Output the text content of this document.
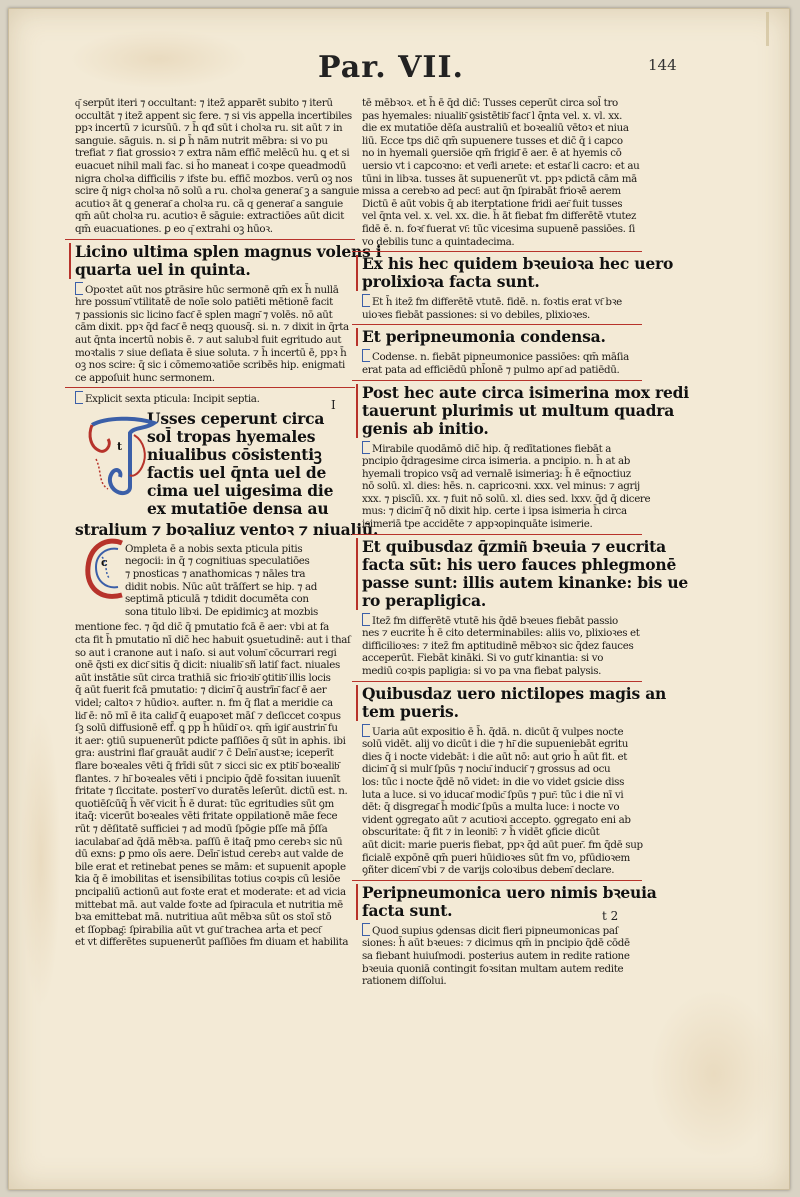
Par. VII.	144
q͂ serpūt iteri ⁊ occultant: ⁊ itez̄ apparēt subito ⁊ iterū
occultāt ⁊ itez̄ appent sic fere. ⁊ si vis appella incertibiles
ppꝛ incertū ⁊ icursūū. ⁊ h̄ qđ sūt i cholꝛa ru. sit aūt ⁊ in
sanguie. sāguis. n. si ꝑ h̄ nām nutrit mēbra: si vo pu
trefiat ⁊ fiat grossioꝛ ⁊ extra nām effic̄ melēcū hu. ꝗ et si
euacuet nihil mali fac. si h̄o maneat i coꝛpe queadmodū
nigra cholꝛa difficilis ⁊ ifste bu. effic̄ mozbos. verū oꝫ nos
scire q̄ nigꝛ cholꝛa nō solū a ru. cholꝛa generat͂ ꝫ a sanguie
acutioꝛ āt ꝗ generat͂ a cholꝛa ru. cā q generat͂ a sanguie
qm̄ aūt cholꝛa ru. acutioꝛ ē sāguie: extractiōes aūt dicit
qm̄ euacuationes. ꝑ eo q͂ extrahi oꝫ hūoꝛ.
Licino ultima splen magnus volens i
quarta uel in quinta.
Opoꝛtet aūt nos ꝑtrāsire hūc sermonē qm̄ ex h̄ nullā
hre possum͂ vtilitatē de noīe solo patiēti mētionē facit
⁊ passionis sic licino fact͂ ē splen magn͂ ⁊ volēs. nō aūt
cām dixit. ppꝛ q̄d fact͂ ē neqꝫ quousq̄. si. n. ⁊ dixit in q̄rta
aut q̄nta incertū nobis ē. ⁊ aut salubꝛl fuit egritudo aut
moꝛtalis ⁊ siue deſiata ē siue soluta. ⁊ h̄ incertū ē, ppꝛ h̄
oꝫ nos scire: q̄ sic i cōmemoꝛatiōe scribēs hip. enigmati
ce appoſuit hunc sermonem.
Explicit sexta pticula: Incipit septia.
Usses ceperunt circa
sol̄ tropas hyemales
niualibus cōsistentiꝫ
factis uel q̄nta uel de
cima uel uigesima die
ex mutatiōe densa au
stralium ⁊ boꝛaliuz ventoꝛ ⁊ niualiū.
Ompleta ē a nobis sexta pticula pitis
negocii: in q̄ ⁊ cognitiuas speculatiōes
⁊ pnosticas ⁊ anathomicas ⁊ nāles tra
didit nobis. Nūc aūt trāſfert se hip. ⁊ ad
septimā pticulā ⁊ tdidit documēta con
sona titulo libꝛi. De epidimicꝫ at mozbis
mentione fec. ⁊ q̄d dic̄ q̄ pmutatio fcā ē aer: vbi at fa
cta fit h̄ pmutatio nī dic̄ hec habuit ꝯsuetudinē: aut i thaſ
so aut i cranone aut i naſo. si aut volum͂ cōcurrari regi
onē q̄sti ex dict͂ sitis q̄ dicit: niualib͂ sñ latiſ fact. niuales
aūt instātie sūt circa trathiā sic frioꝛib͂ ꝯtitib͂ illis locis
q̄ aūt fuerit fcā pmutatio: ⁊ dicim͂ q̄ austrīn͂ fact͂ ē aer
videl; caltoꝛ ⁊ hūdioꝛ. aufter. n. fm q̄ flat a meridie ca
lid͂ ē: nō mī ē ita calid͂ q̄ euapoꝛet māſ ⁊ deſiccet coꝛpus
ſꝫ solū diffusionē eff̄. ꝗ pp h̄ hūidi͂ oꝛ. qm̄ igit͂ austrin͂ fu
it aer: ꝯtiū supuenerūt pdicte paſſiōes q̄ sūt in aphis. ibi
gra: austrini flat͂ grauāt audit͂ ⁊ c̄ Deīn͂ austꝛe; iceperīt
flare boꝛeales vēti q̄ frīdi sūt ⁊ sicci sic ex ptib͂ boꝛealib͂
flantes. ⁊ hi͂ boꝛeales vēti i pncipio q̄dē foꝛsitan iuuenīt
fritate ⁊ ſiccitate. posteri͂ vo duratēs leſerūt. dictū est. n.
quotiēſcūq̄ h̄ vēt͂ vicit h̄ ē durat: tūc egritudies sūt ꝯm
itaq̄: vicerūt boꝛeales vēti fritate oppilationē māe fece
rūt ⁊ dēſitatē sufficiei ⁊ ad modū ſpōgie pſſe mā p̄ſſa
iaculabat͂ ad q̄dā mēbꝛa. paſſū ē itaq̄ pmo cerebꝛ sic nū
dū exns: ꝑ pmo oīs aere. Deīn͂ istud cerebꝛ aut valde de
bile erat et retinebat penes se mām: et supuenit apople
ꝁia q̄ ē imobilitas et isensibilitas totius coꝛpis cū lesiōe
pncipaliū actionū aut foꝛte erat et moderate: et ad vicia
mittebat mā. aut valde foꝛte ad ſpiracula et nutritia mē
bꝛa emittebat mā. nutritiua aūt mēbꝛa sūt os stoī stō
et ſſopbag͂: ſpirabilia aūt vt gut͂ trachea arṫa et pect͂
et vt differētes supuenerūt paſſiōes fm diuam et habilita
t
c
I
tē mēbꝛoꝛ. et h̄ ē q̄d dic̄: Tusses ceperūt circa sol̄ tro
pas hyemales: niualib͂ ꝯsistētib͂ fact͂ l q̄nta vel. x. vl. xx.
die ex mutatiōe dēſa australiū et boꝛealiū vētoꝛ et niua
liū. Ecce tps dic̄ qm̄ supuenere tusses et dic̄ q̄ i capco
no in hyemali ꝯuersiōe qm̄ frigid͂ ē aer. ē at hyemis cō
uersio vt i capcoꝛno: et ver͂li arıete: et estat͂ li cacro: et au
tūni in libꝛa. tusses āt supuenerūt vt. ppꝛ pdictā cām mā
missa a cerebꝛo ad pect͂: aut q̄n ſpirabāt frioꝛē aerem
Dictū ē aūt vobis q̄ ab iterptatione fridi aer͂ fuit tusses
vel q̄nta vel. x. vel. xx. die. h̄ āt fiebat fm differētē vtutez
fidē ē. n. foꝛt͂ fuerat vt͂: tūc vicesima supuenē passiōes. ſi
vo debilis tunc a quintadecima.
Ex his hec quidem bꝛeuioꝛa hec uero
prolixioꝛa facta sunt.
Et h̄ itez̄ fm differētē vtutē. fidē. n. foꝛtis erat vt͂ bꝛe
uioꝛes fiebāt passiones: si vo debiles, plixioꝛes.
Et peripneumonia condensa.
Codense. n. fiebāt pipneumonice passiōes: qm̄ māſia
erat pata ad efficiēdū phl̄onē ⁊ pulmo apt͂ ad patiēdū.
Post hec aute circa isimerina mox redi
tauerunt plurimis ut multum quadra
genis ab initio.
Mirabile quodāmō dic̄ hip. q̄ redītationes fiebāt a
pncipio q̄dragesime circa isimeria. a pncipio. n. h̄ at ab
hyemali tropico vsq̄ ad vernalē isimeriaꝫ: h̄ ē eq̄noctiuz
nō solū. xl. dies: hēs. n. capricoꝛni. xxx. vel minus: ⁊ agrij
xxx. ⁊ piscīū. xx. ⁊ fuit nō solū. xl. dies sed. lxxv. q̄d q̄ dicere
mus: ⁊ dicim͂ q̄ nō dixit hip. certe i ipsa isimeria h̄ circa
isimeriā tpe accidēte ⁊ appꝛopinquāte isimerie.
Et quibusdaz q̄zmin͂ bꝛeuia ⁊ eucrita
facta sūt: his uero fauces phlegmonē
passe sunt: illis autem kinanke: bis ue
ro perapligica.
Itez̄ fm differētē vtutē his q̄dē bꝛeues fiebāt passio
nes ⁊ eucrite h̄ ē cito determinabiles: aliis vo, plixioꝛes et
difficilioꝛes: ⁊ itez̄ fm aptitudinē mēbꝛoꝛ sic q̄dez fauces
acceperūt. Fiebāt kināki. Si vo gutt͂ kinantia: si vo
mediū coꝛpis papligia: si vo pa vna fiebat palysis.
Quibusdaz uero nictilopes magis an
tem pueris.
Uaria aūt expositio ē h̄. q̄dā. n. dicūt q̄ vulpes nocte
solū vidēt. alij vo dicūt i die ⁊ hi͂ die supueniebāt egritu
dies q̄ i nocte videbāt: i die aūt nō: aut ꝯrio h̄ aūt fit. et
dicim͂ q̄ si mult͂ ſpūs ⁊ nociu͂ inducit͂ ⁊ grossus ad ocu
los: tūc i nocte q̄dē nō videt: in die vo videt gsicie diss
luta a luce. si vo iducat͂ modic͂ ſpūs ⁊ pur͂: tūc i die nī vi
dēt: q̄ disgregat͂ h̄ modic͂ ſpūs a multa luce: i nocte vo
vident ꝯgregato aūt ⁊ acutioꝛi accepto. ꝯgregato eni ab
obscuritate: q̄ fit ⁊ in leonib͂: ⁊ h̄ vidēt ꝯficie dicūt
aūt dicit: marie pueris fiebat, ppꝛ q̄d aūt puer͂. fm q̄dē sup
ficialē expōnē qm̄ pueri hūidioꝛes sūt fm vo, pfūdioꝛem
ꝯñter dicem͂ vbi ⁊ de varijs coloꝛibus debem͂ declare.
Peripneumonica uero nimis bꝛeuia
facta sunt.
Quod supius ꝯdensas dicit fieri pipneumonicas paſ
siones: h̄ aūt bꝛeues: ⁊ dicimus qm̄ in pncipio q̄dē cōdē
sa fiebant huiuſmodi. posterius autem in redite ratione
bꝛeuia quoniā contingit foꝛsitan multam autem redite
rationem diſſolui.
t 2
